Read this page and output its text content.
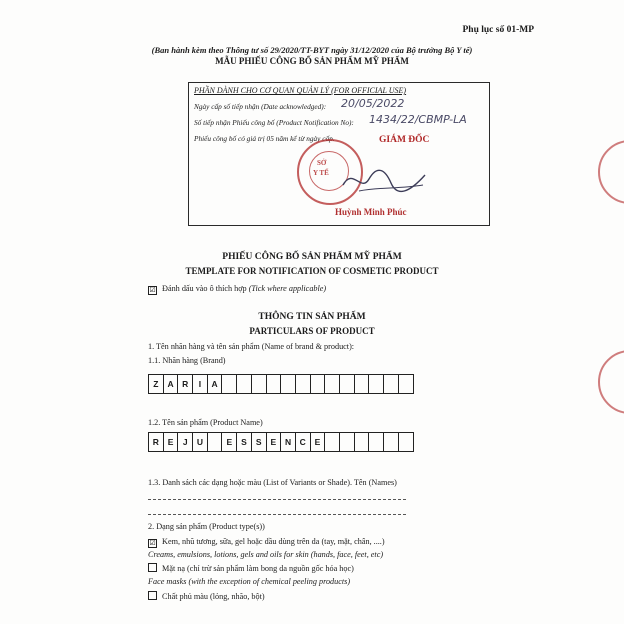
Phụ lục số 01-MP
(Ban hành kèm theo Thông tư số 29/2020/TT-BYT ngày 31/12/2020 của Bộ trưởng Bộ Y tế)
MẪU PHIẾU CÔNG BỐ SẢN PHẨM MỸ PHẨM
PHẦN DÀNH CHO CƠ QUAN QUẢN LÝ (FOR OFFICIAL USE)
Ngày cấp số tiếp nhận (Date acknowledged): 20/05/2022
Số tiếp nhận Phiếu công bố (Product Notification No): 1434/22/CBMP-LA
Phiếu công bố có giá trị 05 năm kể từ ngày cấp.
SỞ
Y TẾ
GIÁM ĐỐC
Huỳnh Minh Phúc
PHIẾU CÔNG BỐ SẢN PHẨM MỸ PHẨM
TEMPLATE FOR NOTIFICATION OF COSMETIC PRODUCT
☑ Đánh dấu vào ô thích hợp (Tick where applicable)
THÔNG TIN SẢN PHẨM
PARTICULARS OF PRODUCT
1. Tên nhãn hàng và tên sản phẩm (Name of brand & product):
1.1. Nhãn hàng (Brand)
Z	A	R	I	A
1.2. Tên sản phẩm (Product Name)
R	E	J	U	E	S	S	E	N	C	E
1.3. Danh sách các dạng hoặc màu (List of Variants or Shade). Tên (Names)
2. Dạng sản phẩm (Product type(s))
☑ Kem, nhũ tương, sữa, gel hoặc dầu dùng trên da (tay, mặt, chân, ....)
Creams, emulsions, lotions, gels and oils for skin (hands, face, feet, etc)
Mặt nạ (chỉ trừ sản phẩm làm bong da nguồn gốc hóa học)
Face masks (with the exception of chemical peeling products)
Chất phủ màu (lỏng, nhão, bột)
